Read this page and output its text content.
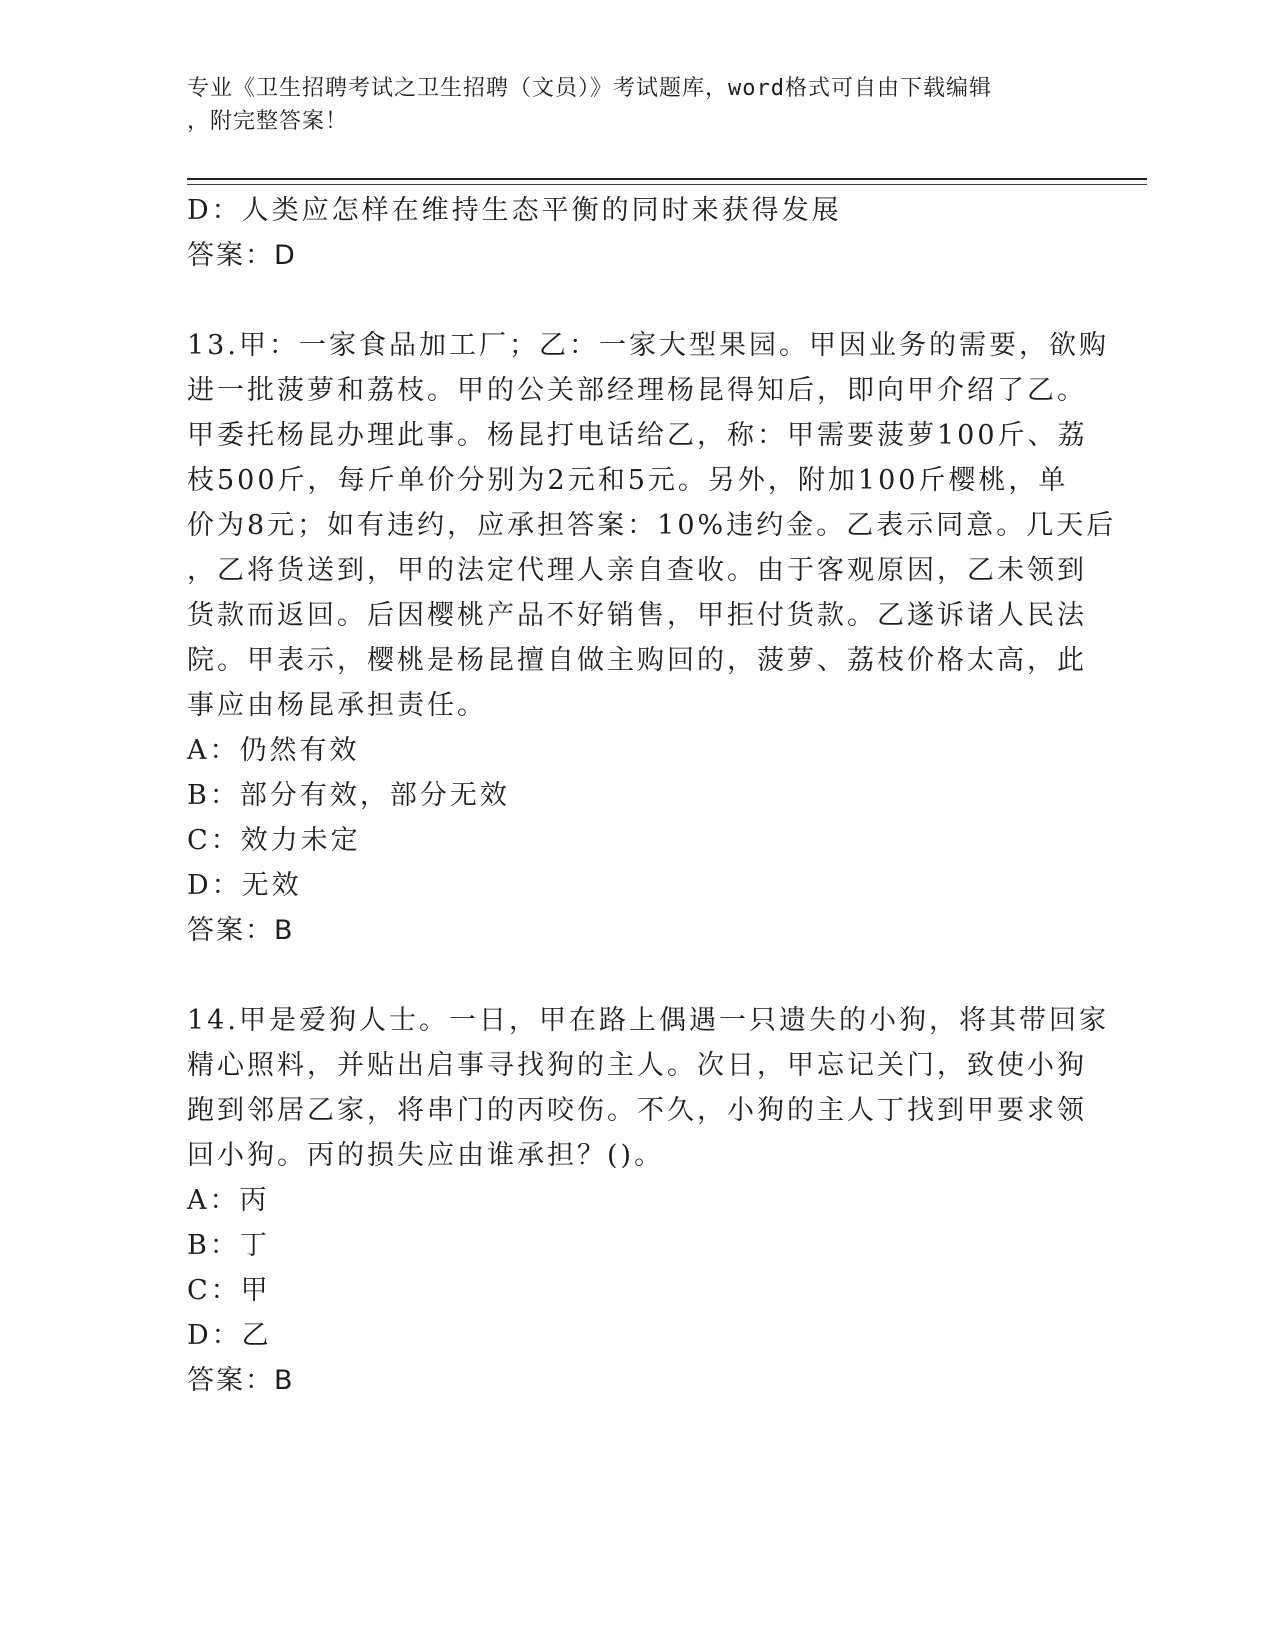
专业《卫生招聘考试之卫生招聘（文员）》考试题库，word格式可自由下载编辑
，附完整答案！
D：人类应怎样在维持生态平衡的同时来获得发展
答案：D
13.甲：一家食品加工厂；乙：一家大型果园。甲因业务的需要，欲购
进一批菠萝和荔枝。甲的公关部经理杨昆得知后，即向甲介绍了乙。
甲委托杨昆办理此事。杨昆打电话给乙，称：甲需要菠萝100斤、荔
枝500斤，每斤单价分别为2元和5元。另外，附加100斤樱桃，单
价为8元；如有违约，应承担答案：10%违约金。乙表示同意。几天后
，乙将货送到，甲的法定代理人亲自查收。由于客观原因，乙未领到
货款而返回。后因樱桃产品不好销售，甲拒付货款。乙遂诉诸人民法
院。甲表示，樱桃是杨昆擅自做主购回的，菠萝、荔枝价格太高，此
事应由杨昆承担责任。
A：仍然有效
B：部分有效，部分无效
C：效力未定
D：无效
答案：B
14.甲是爱狗人士。一日，甲在路上偶遇一只遗失的小狗，将其带回家
精心照料，并贴出启事寻找狗的主人。次日，甲忘记关门，致使小狗
跑到邻居乙家，将串门的丙咬伤。不久，小狗的主人丁找到甲要求领
回小狗。丙的损失应由谁承担？()。
A：丙
B：丁
C：甲
D：乙
答案：B
